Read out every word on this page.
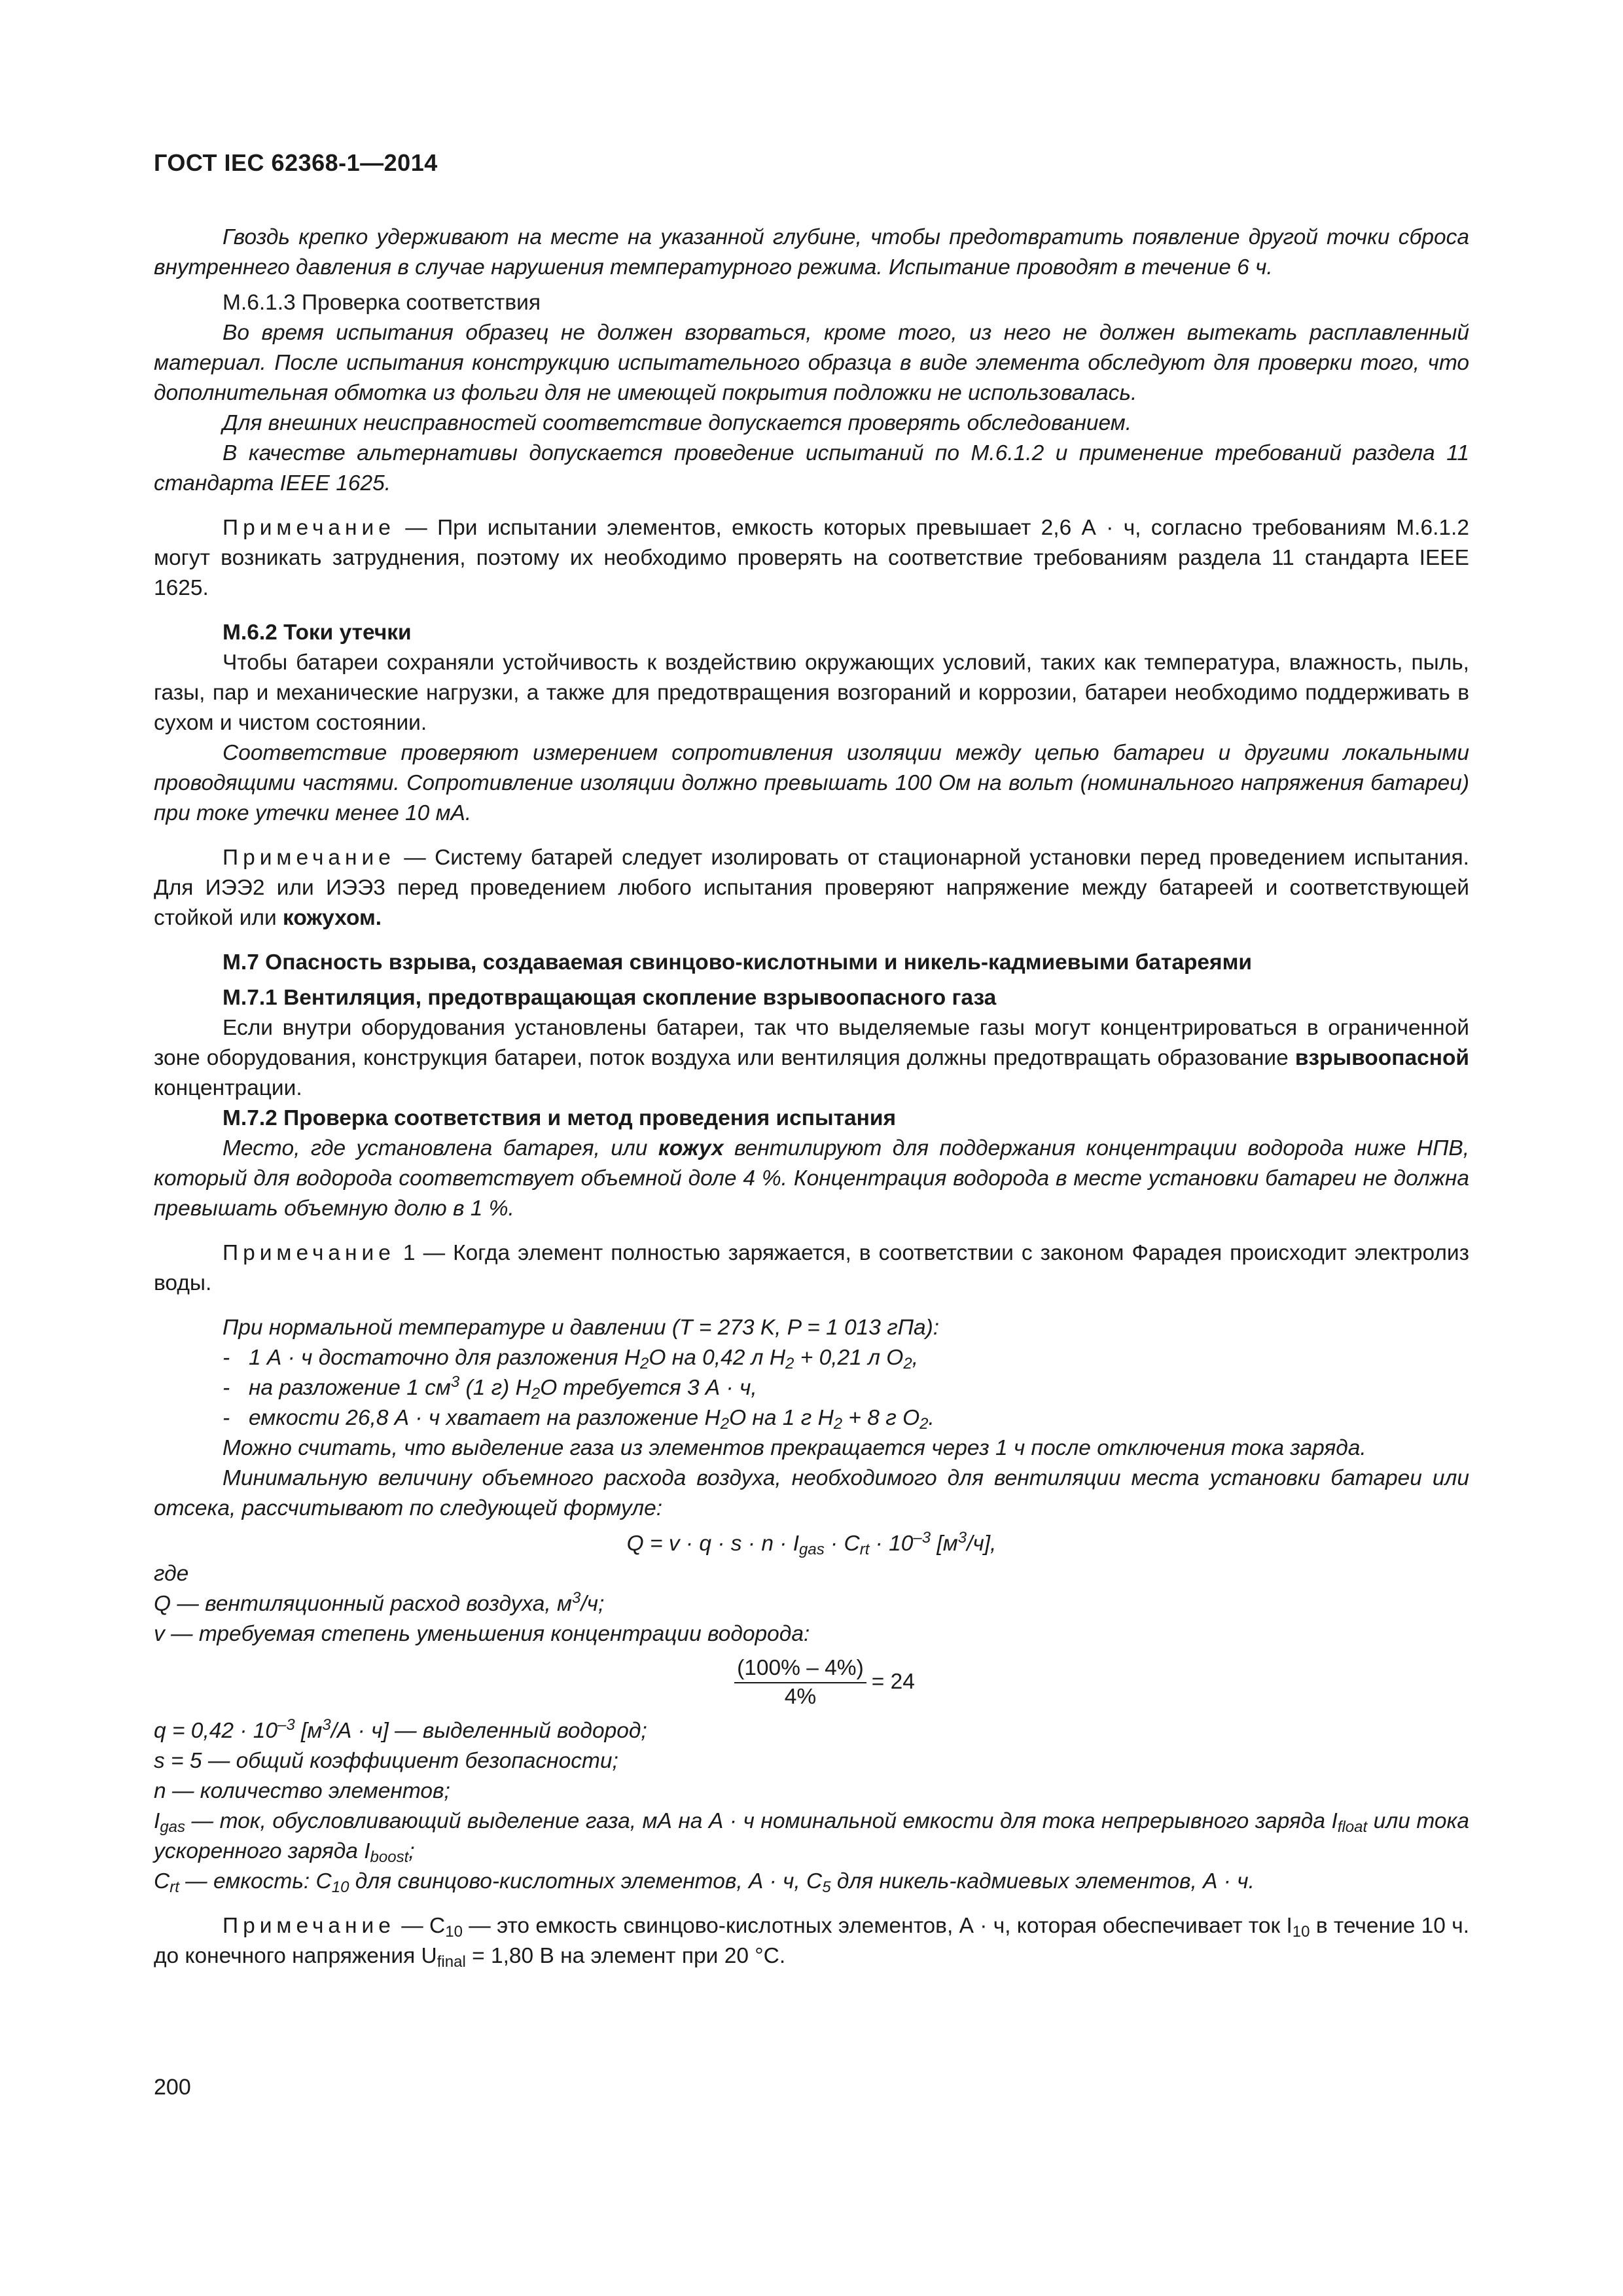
ГОСТ IEC 62368-1—2014

Гвоздь крепко удерживают на месте на указанной глубине, чтобы предотвратить появление другой точки сброса внутреннего давления в случае нарушения температурного режима. Испытание проводят в течение 6 ч.

М.6.1.3 Проверка соответствия

Во время испытания образец не должен взорваться, кроме того, из него не должен вытекать расплавленный материал. После испытания конструкцию испытательного образца в виде элемента обследуют для проверки того, что дополнительная обмотка из фольги для не имеющей покрытия подложки не использовалась.

Для внешних неисправностей соответствие допускается проверять обследованием.

В качестве альтернативы допускается проведение испытаний по М.6.1.2 и применение требований раздела 11 стандарта IEEE 1625.

Примечание — При испытании элементов, емкость которых превышает 2,6 А · ч, согласно требованиям М.6.1.2 могут возникать затруднения, поэтому их необходимо проверять на соответствие требованиям раздела 11 стандарта IEEE 1625.

М.6.2 Токи утечки

Чтобы батареи сохраняли устойчивость к воздействию окружающих условий, таких как температура, влажность, пыль, газы, пар и механические нагрузки, а также для предотвращения возгораний и коррозии, батареи необходимо поддерживать в сухом и чистом состоянии.

Соответствие проверяют измерением сопротивления изоляции между цепью батареи и другими локальными проводящими частями. Сопротивление изоляции должно превышать 100 Ом на вольт (номинального напряжения батареи) при токе утечки менее 10 мА.

Примечание — Систему батарей следует изолировать от стационарной установки перед проведением испытания. Для ИЭЭ2 или ИЭЭ3 перед проведением любого испытания проверяют напряжение между батареей и соответствующей стойкой или кожухом.

М.7 Опасность взрыва, создаваемая свинцово-кислотными и никель-кадмиевыми батареями

М.7.1 Вентиляция, предотвращающая скопление взрывоопасного газа

Если внутри оборудования установлены батареи, так что выделяемые газы могут концентрироваться в ограниченной зоне оборудования, конструкция батареи, поток воздуха или вентиляция должны предотвращать образование взрывоопасной концентрации.

М.7.2 Проверка соответствия и метод проведения испытания

Место, где установлена батарея, или кожух вентилируют для поддержания концентрации водорода ниже НПВ, который для водорода соответствует объемной доле 4 %. Концентрация водорода в месте установки батареи не должна превышать объемную долю в 1 %.

Примечание 1 — Когда элемент полностью заряжается, в соответствии с законом Фарадея происходит электролиз воды.

При нормальной температуре и давлении (T = 273 K, P = 1 013 гПа):

- 1 А · ч достаточно для разложения $H_2O$ на 0,42 л $H_2 + 0,21$ л $O_2$,

- на разложение 1 $см^3$ (1 г) $H_2O$ требуется 3 А · ч,

- емкости 26,8 А · ч хватает на разложение $H_2O$ на 1 г $H_2 + 8$ г $O_2$.

Можно считать, что выделение газа из элементов прекращается через 1 ч после отключения тока заряда.

Минимальную величину объемного расхода воздуха, необходимого для вентиляции места установки батареи или отсека, рассчитывают по следующей формуле:

$Q = v \cdot q \cdot s \cdot n \cdot I_{gas} \cdot C_{rt} \cdot 10^{-3}$ $[м^3/ч]$,

где

Q — вентиляционный расход воздуха, $м^3/ч$;

v — требуемая степень уменьшения концентрации водорода:

$\frac{(100\% - 4\%)}{4\%} = 24$

$q = 0,42 \cdot 10^{-3}$ $[м^3/А \cdot ч]$ — выделенный водород;

s = 5 — общий коэффициент безопасности;

n — количество элементов;

$I_{gas}$ — ток, обусловливающий выделение газа, мА на А · ч номинальной емкости для тока непрерывного заряда $I_{float}$ или тока ускоренного заряда $I_{boost}$;

$C_{rt}$ — емкость: $C_{10}$ для свинцово-кислотных элементов, А · ч, $C_5$ для никель-кадмиевых элементов, А · ч.

Примечание — $C_{10}$ — это емкость свинцово-кислотных элементов, А · ч, которая обеспечивает ток $I_{10}$ в течение 10 ч. до конечного напряжения $U_{final} = 1,80$ В на элемент при 20 °С.

200
